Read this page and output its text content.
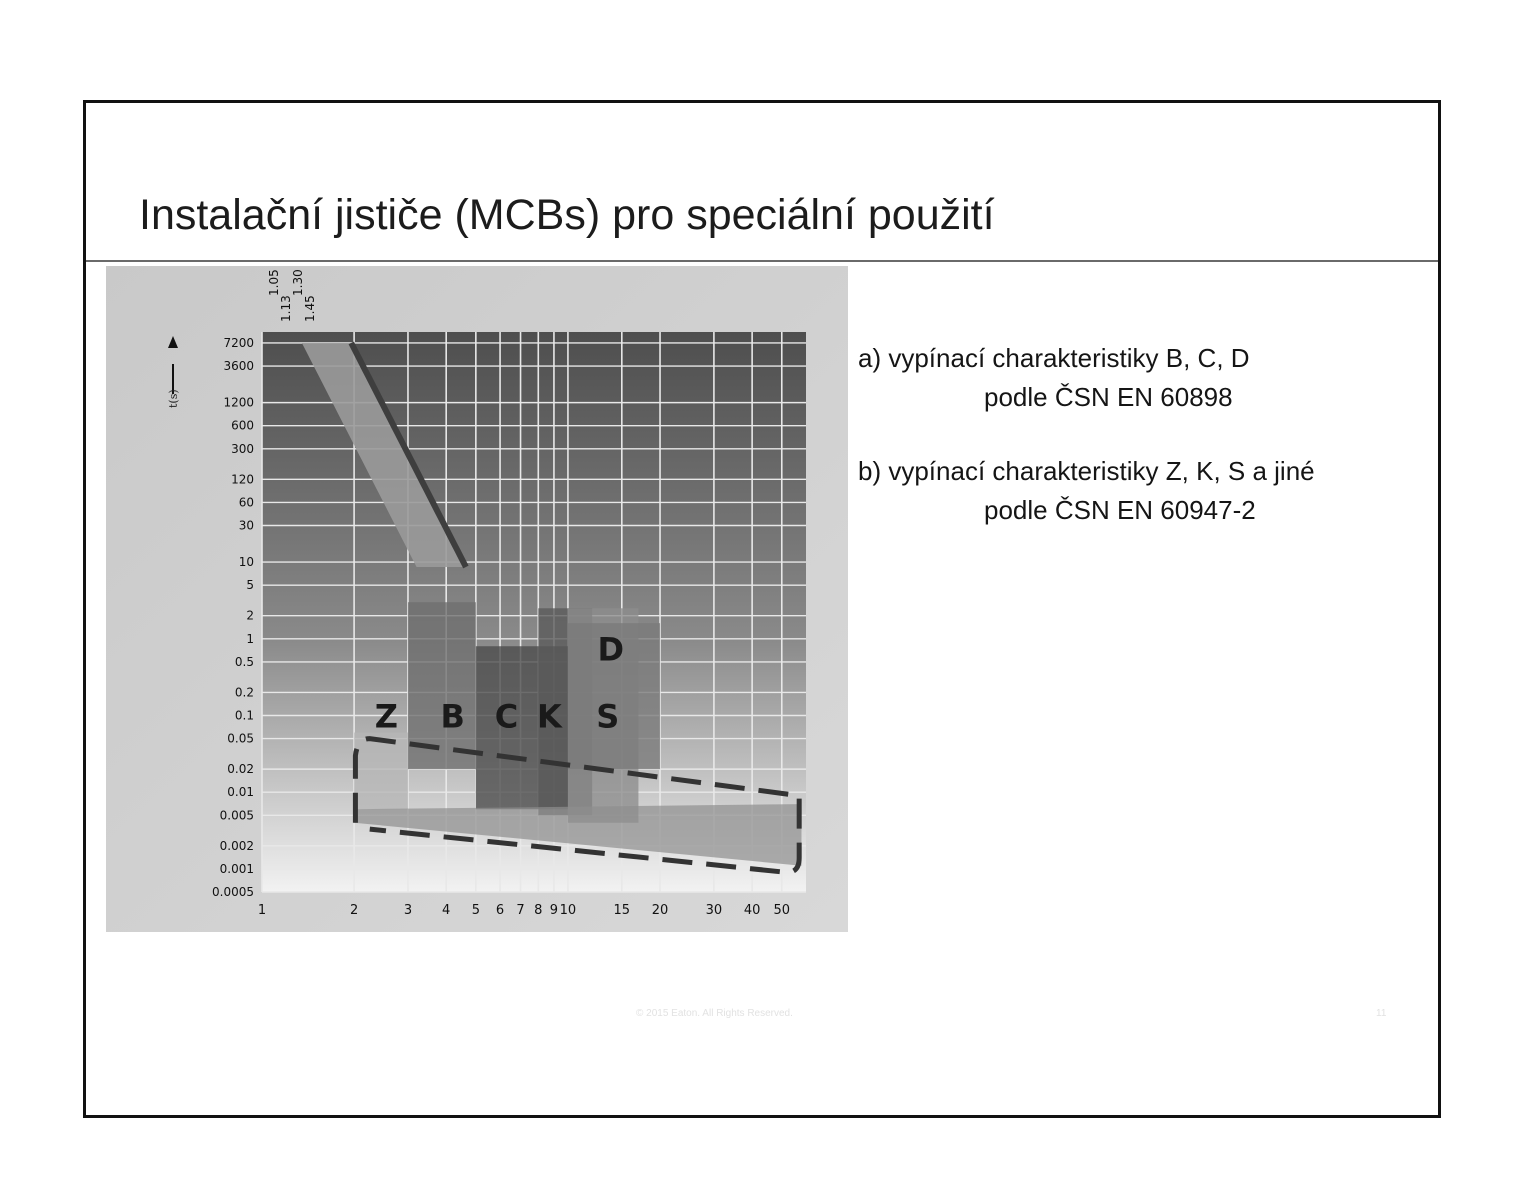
Instalační jističe (MCBs) pro speciální použití
7200
3600
1200
600
300
120
60
30
10
5
2
1
0.5
0.2
0.1
0.05
0.02
0.01
0.005
0.002
0.001
0.0005
1	2	3 4 5 6 7 8 9 10	15 20	30 40 50
1.05
1.13
1.30
1.45
Z B C K S
D
t(s)
a) vypínací charakteristiky B, C, D
podle ČSN EN 60898
b) vypínací charakteristiky Z, K, S a jiné
podle ČSN EN 60947-2
© 2015 Eaton. All Rights Reserved.	11
